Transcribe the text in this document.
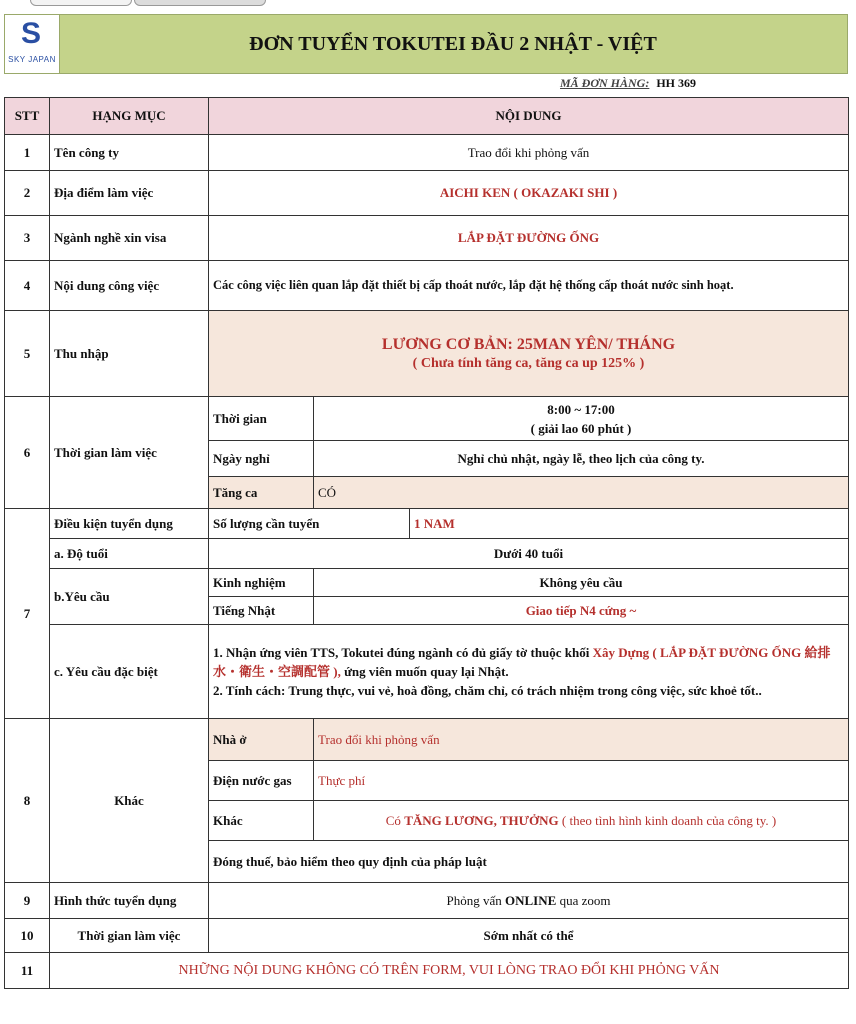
S
SKY JAPAN
ĐƠN TUYỂN TOKUTEI ĐẦU 2 NHẬT - VIỆT
MÃ ĐƠN HÀNG: HH 369
STT	HẠNG MỤC	NỘI DUNG		
1	Tên công ty	Trao đổi khi phỏng vấn		
2	Địa điểm làm việc	AICHI KEN ( OKAZAKI SHI )		
3	Ngành nghề xin visa	LẮP ĐẶT ĐƯỜNG ỐNG		
4	Nội dung công việc	Các công việc liên quan lắp đặt thiết bị cấp thoát nước, lắp đặt hệ thống cấp thoát nước sinh hoạt.		
5	Thu nhập	LƯƠNG CƠ BẢN: 25MAN YÊN/ THÁNG
( Chưa tính tăng ca, tăng ca up 125% )		

6	Thời gian làm việc	Thời gian	8:00 ~ 17:00
( giải lao 60 phút )	

		Ngày nghỉ	Nghỉ chủ nhật, ngày lễ, theo lịch của công ty.	
		Tăng ca	CÓ	
7	Điều kiện tuyển dụng	Số lượng cần tuyển		1 NAM
	a. Độ tuổi	Dưới 40 tuổi		
	b.Yêu cầu	Kinh nghiệm	Không yêu cầu	
		Tiếng Nhật	Giao tiếp N4 cứng ~	
	c. Yêu cầu đặc biệt	1. Nhận ứng viên TTS, Tokutei đúng ngành có đủ giấy tờ thuộc khối Xây Dựng ( LẮP ĐẶT ĐƯỜNG ỐNG 給排水・衛生・空調配管 ), ứng viên muốn quay lại Nhật.
2. Tính cách: Trung thực, vui vẻ, hoà đồng, chăm chỉ, có trách nhiệm trong công việc, sức khoẻ tốt..		

8	Khác	Nhà ở	Trao đổi khi phỏng vấn	
		Điện nước gas	Thực phí	
		Khác	Có TĂNG LƯƠNG, THƯỞNG ( theo tình hình kinh doanh của công ty. )	
		Đóng thuế, bảo hiểm theo quy định của pháp luật		
9	Hình thức tuyển dụng	Phỏng vấn ONLINE qua zoom		
10	Thời gian làm việc	Sớm nhất có thể		
11	NHỮNG NỘI DUNG KHÔNG CÓ TRÊN FORM, VUI LÒNG TRAO ĐỔI KHI PHỎNG VẤN			
